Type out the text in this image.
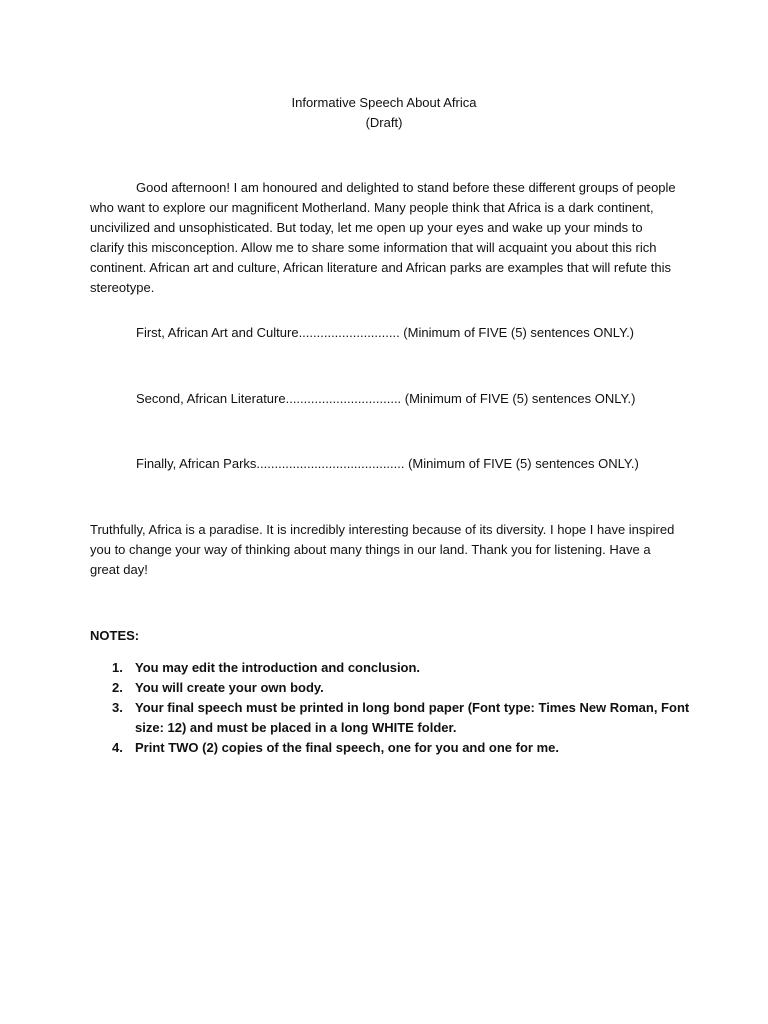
Informative Speech About Africa
(Draft)

Good afternoon! I am honoured and delighted to stand before these different groups of people who want to explore our magnificent Motherland. Many people think that Africa is a dark continent, uncivilized and unsophisticated. But today, let me open up your eyes and wake up your minds to clarify this misconception. Allow me to share some information that will acquaint you about this rich continent. African art and culture, African literature and African parks are examples that will refute this stereotype.

First, African Art and Culture............................ (Minimum of FIVE (5) sentences ONLY.)
Second, African Literature................................ (Minimum of FIVE (5) sentences ONLY.)
Finally, African Parks......................................... (Minimum of FIVE (5) sentences ONLY.)

Truthfully, Africa is a paradise. It is incredibly interesting because of its diversity. I hope I have inspired you to change your way of thinking about many things in our land. Thank you for listening. Have a great day!

NOTES:
1. You may edit the introduction and conclusion.
2. You will create your own body.
3. Your final speech must be printed in long bond paper (Font type: Times New Roman, Font size: 12) and must be placed in a long WHITE folder.
4. Print TWO (2) copies of the final speech, one for you and one for me.
